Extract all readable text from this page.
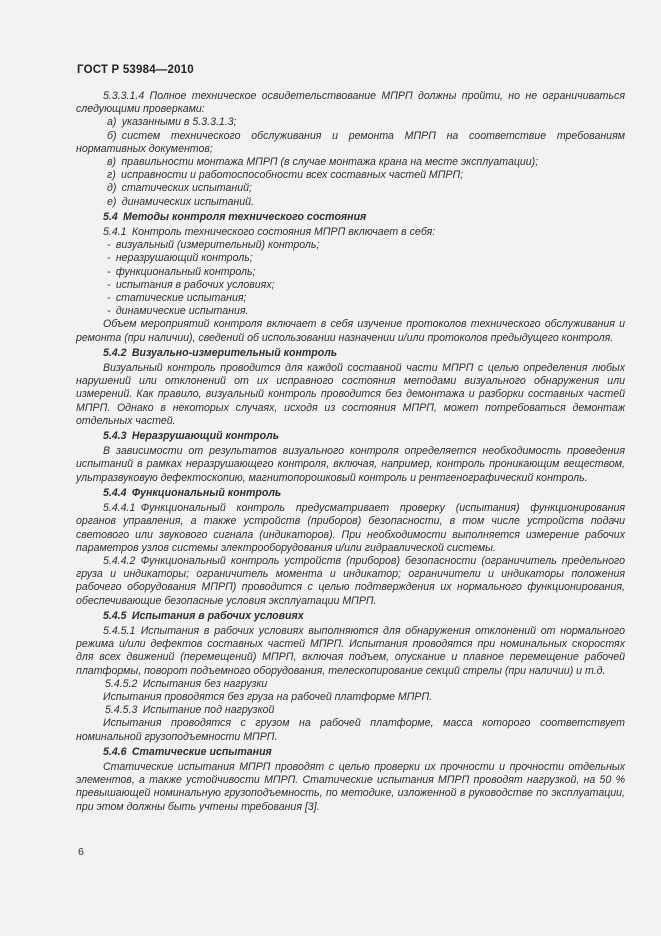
ГОСТ Р 53984—2010

5.3.3.1.4 Полное техническое освидетельствование МПРП должны пройти, но не ограничиваться следующими проверками:

а) указанными в 5.3.3.1.3;

б) систем технического обслуживания и ремонта МПРП на соответствие требованиям нормативных документов;

в) правильности монтажа МПРП (в случае монтажа крана на месте эксплуатации);

г) исправности и работоспособности всех составных частей МПРП;

д) статических испытаний;

е) динамических испытаний.

5.4 Методы контроля технического состояния

5.4.1 Контроль технического состояния МПРП включает в себя:

- визуальный (измерительный) контроль;

- неразрушающий контроль;

- функциональный контроль;

- испытания в рабочих условиях;

- статические испытания;

- динамические испытания.

Объем мероприятий контроля включает в себя изучение протоколов технического обслуживания и ремонта (при наличии), сведений об использовании назначении и/или протоколов предыдущего контроля.

5.4.2 Визуально-измерительный контроль

Визуальный контроль проводится для каждой составной части МПРП с целью определения любых нарушений или отклонений от их исправного состояния методами визуального обнаружения или измерений. Как правило, визуальный контроль проводится без демонтажа и разборки составных частей МПРП. Однако в некоторых случаях, исходя из состояния МПРП, может потребоваться демонтаж отдельных частей.

5.4.3 Неразрушающий контроль

В зависимости от результатов визуального контроля определяется необходимость проведения испытаний в рамках неразрушающего контроля, включая, например, контроль проникающим веществом, ультразвуковую дефектоскопию, магнитопорошковый контроль и рентгенографический контроль.

5.4.4 Функциональный контроль

5.4.4.1 Функциональный контроль предусматривает проверку (испытания) функционирования органов управления, а также устройств (приборов) безопасности, в том числе устройств подачи светового или звукового сигнала (индикаторов). При необходимости выполняется измерение рабочих параметров узлов системы электрооборудования и/или гидравлической системы.

5.4.4.2 Функциональный контроль устройств (приборов) безопасности (ограничитель предельного груза и индикаторы; ограничитель момента и индикатор; ограничители и индикаторы положения рабочего оборудования МПРП) проводится с целью подтверждения их нормального функционирования, обеспечивающие безопасные условия эксплуатации МПРП.

5.4.5 Испытания в рабочих условиях

5.4.5.1 Испытания в рабочих условиях выполняются для обнаружения отклонений от нормального режима и/или дефектов составных частей МПРП. Испытания проводятся при номинальных скоростях для всех движений (перемещений) МПРП, включая подъем, опускание и плавное перемещение рабочей платформы, поворот подъемного оборудования, телескопирование секций стрелы (при наличии) и т.д.

5.4.5.2 Испытания без нагрузки

Испытания проводятся без груза на рабочей платформе МПРП.

5.4.5.3 Испытание под нагрузкой

Испытания проводятся с грузом на рабочей платформе, масса которого соответствует номинальной грузоподъемности МПРП.

5.4.6 Статические испытания

Статические испытания МПРП проводят с целью проверки их прочности и прочности отдельных элементов, а также устойчивости МПРП. Статические испытания МПРП проводят нагрузкой, на 50 % превышающей номинальную грузоподъемность, по методике, изложенной в руководстве по эксплуатации, при этом должны быть учтены требования [3].

6
